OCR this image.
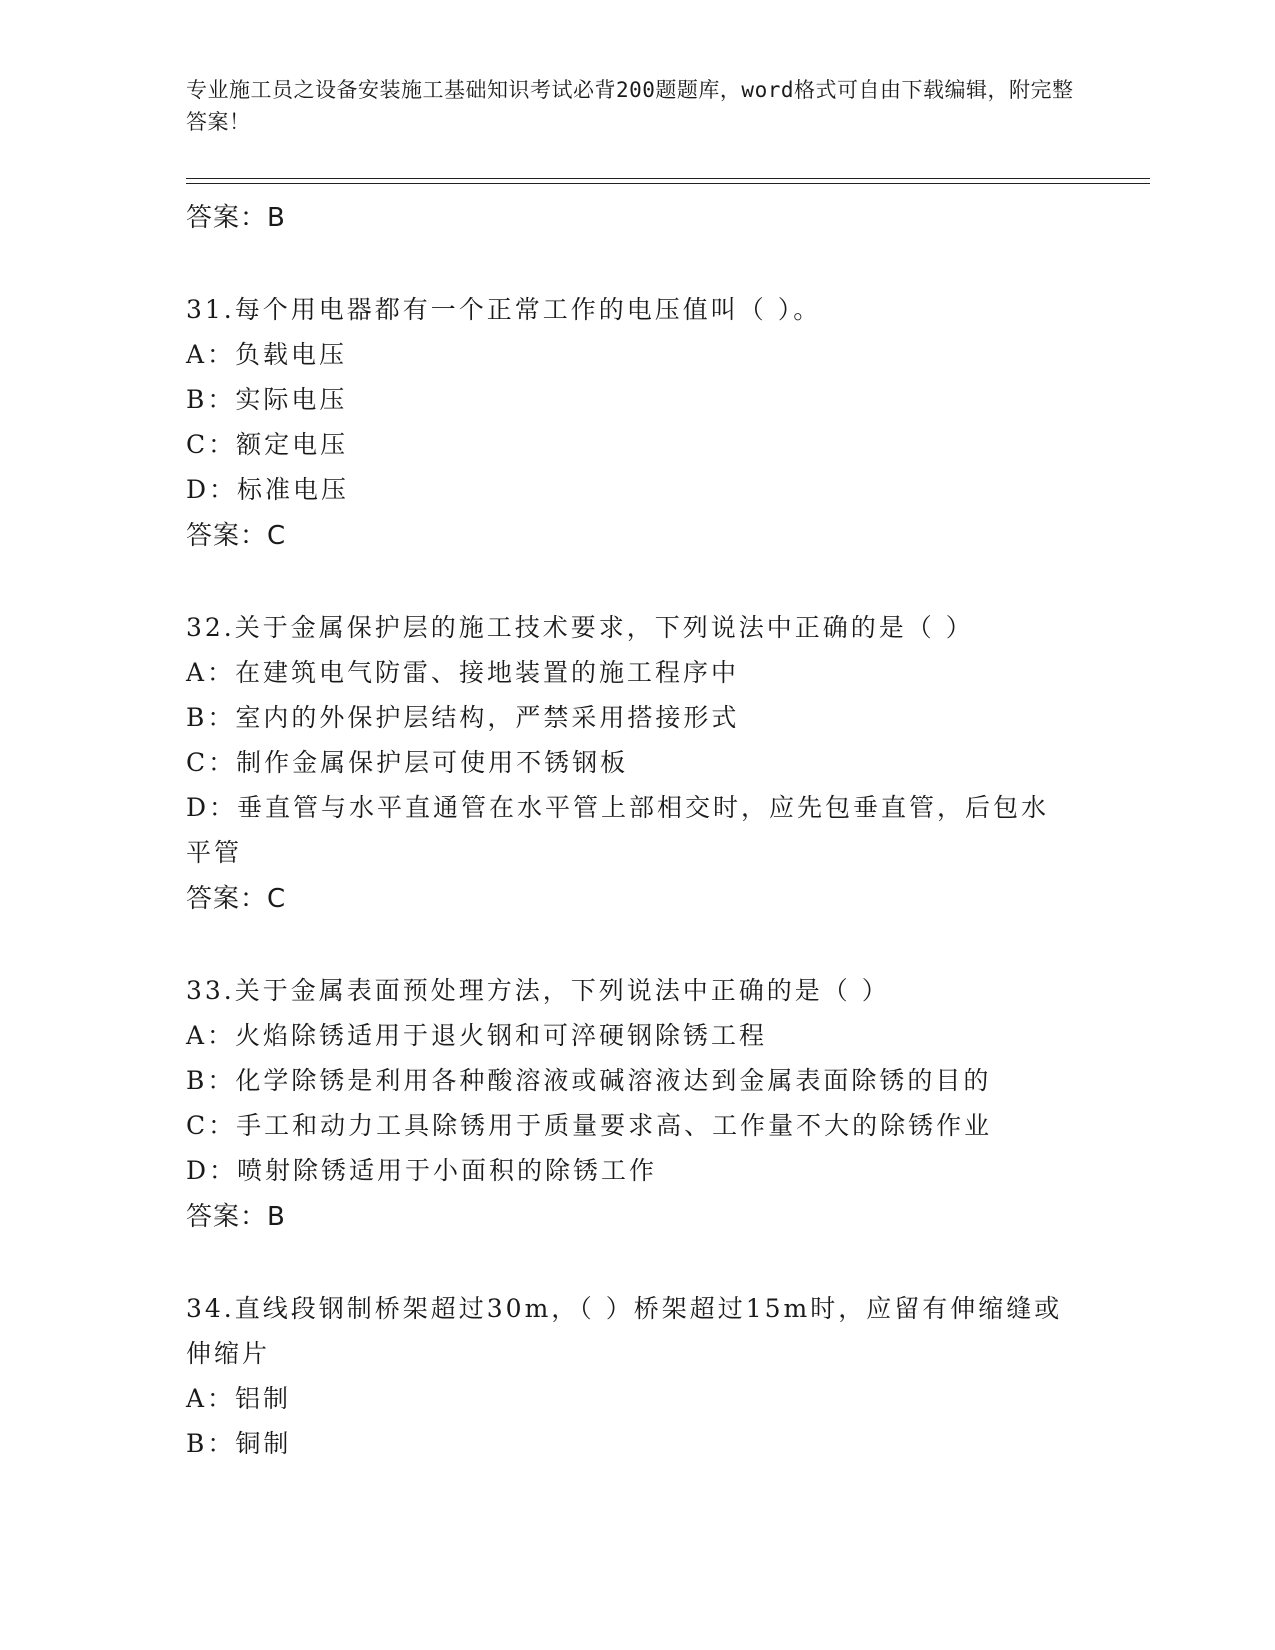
专业施工员之设备安装施工基础知识考试必背200题题库，word格式可自由下载编辑，附完整答案！
答案：B
31.每个用电器都有一个正常工作的电压值叫（ ）。
A：负载电压
B：实际电压
C：额定电压
D：标准电压
答案：C
32.关于金属保护层的施工技术要求，下列说法中正确的是（ ）
A：在建筑电气防雷、接地装置的施工程序中
B：室内的外保护层结构，严禁采用搭接形式
C：制作金属保护层可使用不锈钢板
D：垂直管与水平直通管在水平管上部相交时，应先包垂直管，后包水平管
答案：C
33.关于金属表面预处理方法，下列说法中正确的是（ ）
A：火焰除锈适用于退火钢和可淬硬钢除锈工程
B：化学除锈是利用各种酸溶液或碱溶液达到金属表面除锈的目的
C：手工和动力工具除锈用于质量要求高、工作量不大的除锈作业
D：喷射除锈适用于小面积的除锈工作
答案：B
34.直线段钢制桥架超过30m，（ ）桥架超过15m时，应留有伸缩缝或伸缩片
A：铝制
B：铜制
